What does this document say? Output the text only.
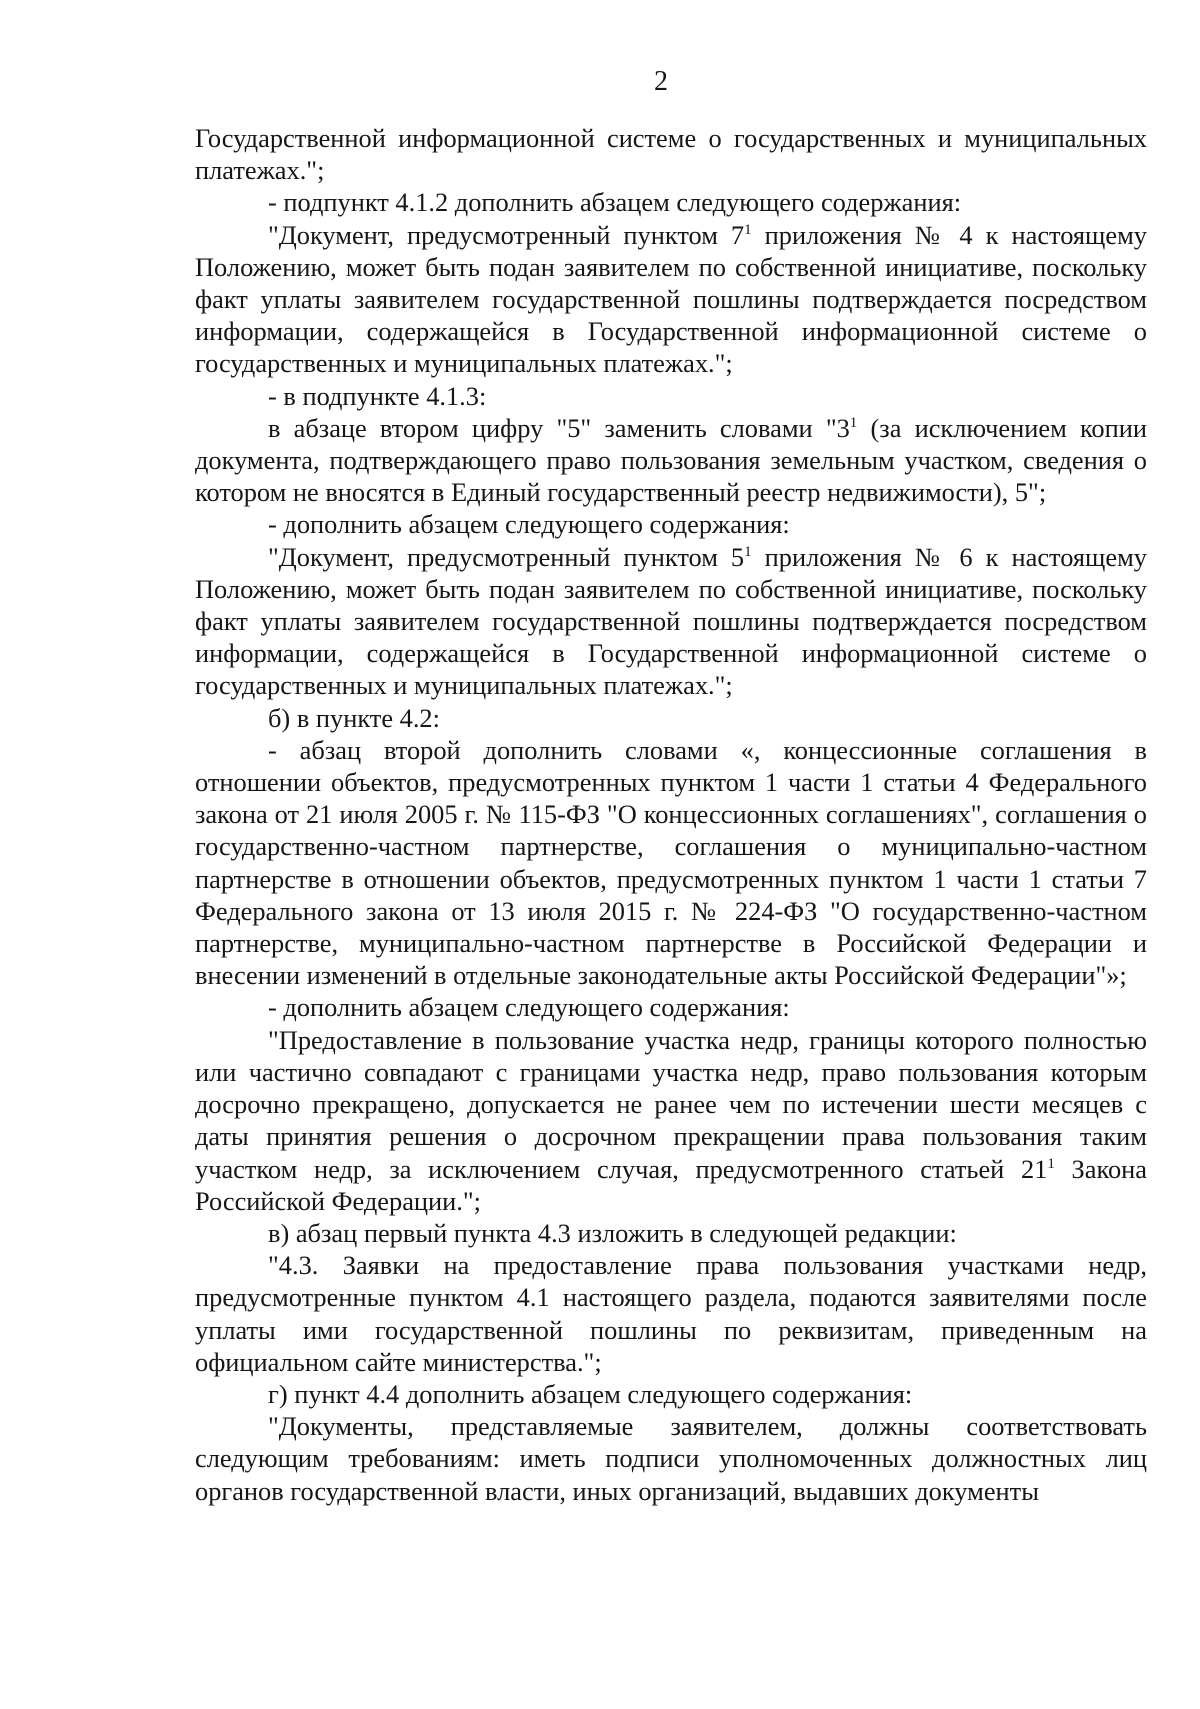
2

Государственной информационной системе о государственных и муниципальных платежах.";

- подпункт 4.1.2 дополнить абзацем следующего содержания:

"Документ, предусмотренный пунктом $7^1$ приложения № 4 к настоящему Положению, может быть подан заявителем по собственной инициативе, поскольку факт уплаты заявителем государственной пошлины подтверждается посредством информации, содержащейся в Государственной информационной системе о государственных и муниципальных платежах.";

- в подпункте 4.1.3:

в абзаце втором цифру "5" заменить словами "$3^1$ (за исключением копии документа, подтверждающего право пользования земельным участком, сведения о котором не вносятся в Единый государственный реестр недвижимости), 5";

- дополнить абзацем следующего содержания:

"Документ, предусмотренный пунктом $5^1$ приложения № 6 к настоящему Положению, может быть подан заявителем по собственной инициативе, поскольку факт уплаты заявителем государственной пошлины подтверждается посредством информации, содержащейся в Государственной информационной системе о государственных и муниципальных платежах.";

б) в пункте 4.2:

- абзац второй дополнить словами «, концессионные соглашения в отношении объектов, предусмотренных пунктом 1 части 1 статьи 4 Федерального закона от 21 июля 2005 г. № 115-ФЗ "О концессионных соглашениях", соглашения о государственно-частном партнерстве, соглашения о муниципально-частном партнерстве в отношении объектов, предусмотренных пунктом 1 части 1 статьи 7 Федерального закона от 13 июля 2015 г. № 224-ФЗ "О государственно-частном партнерстве, муниципально-частном партнерстве в Российской Федерации и внесении изменений в отдельные законодательные акты Российской Федерации"»;

- дополнить абзацем следующего содержания:

"Предоставление в пользование участка недр, границы которого полностью или частично совпадают с границами участка недр, право пользования которым досрочно прекращено, допускается не ранее чем по истечении шести месяцев с даты принятия решения о досрочном прекращении права пользования таким участком недр, за исключением случая, предусмотренного статьей $21^1$ Закона Российской Федерации.";

в) абзац первый пункта 4.3 изложить в следующей редакции:

"4.3. Заявки на предоставление права пользования участками недр, предусмотренные пунктом 4.1 настоящего раздела, подаются заявителями после уплаты ими государственной пошлины по реквизитам, приведенным на официальном сайте министерства.";

г) пункт 4.4 дополнить абзацем следующего содержания:

"Документы, представляемые заявителем, должны соответствовать следующим требованиям: иметь подписи уполномоченных должностных лиц органов государственной власти, иных организаций, выдавших документы
